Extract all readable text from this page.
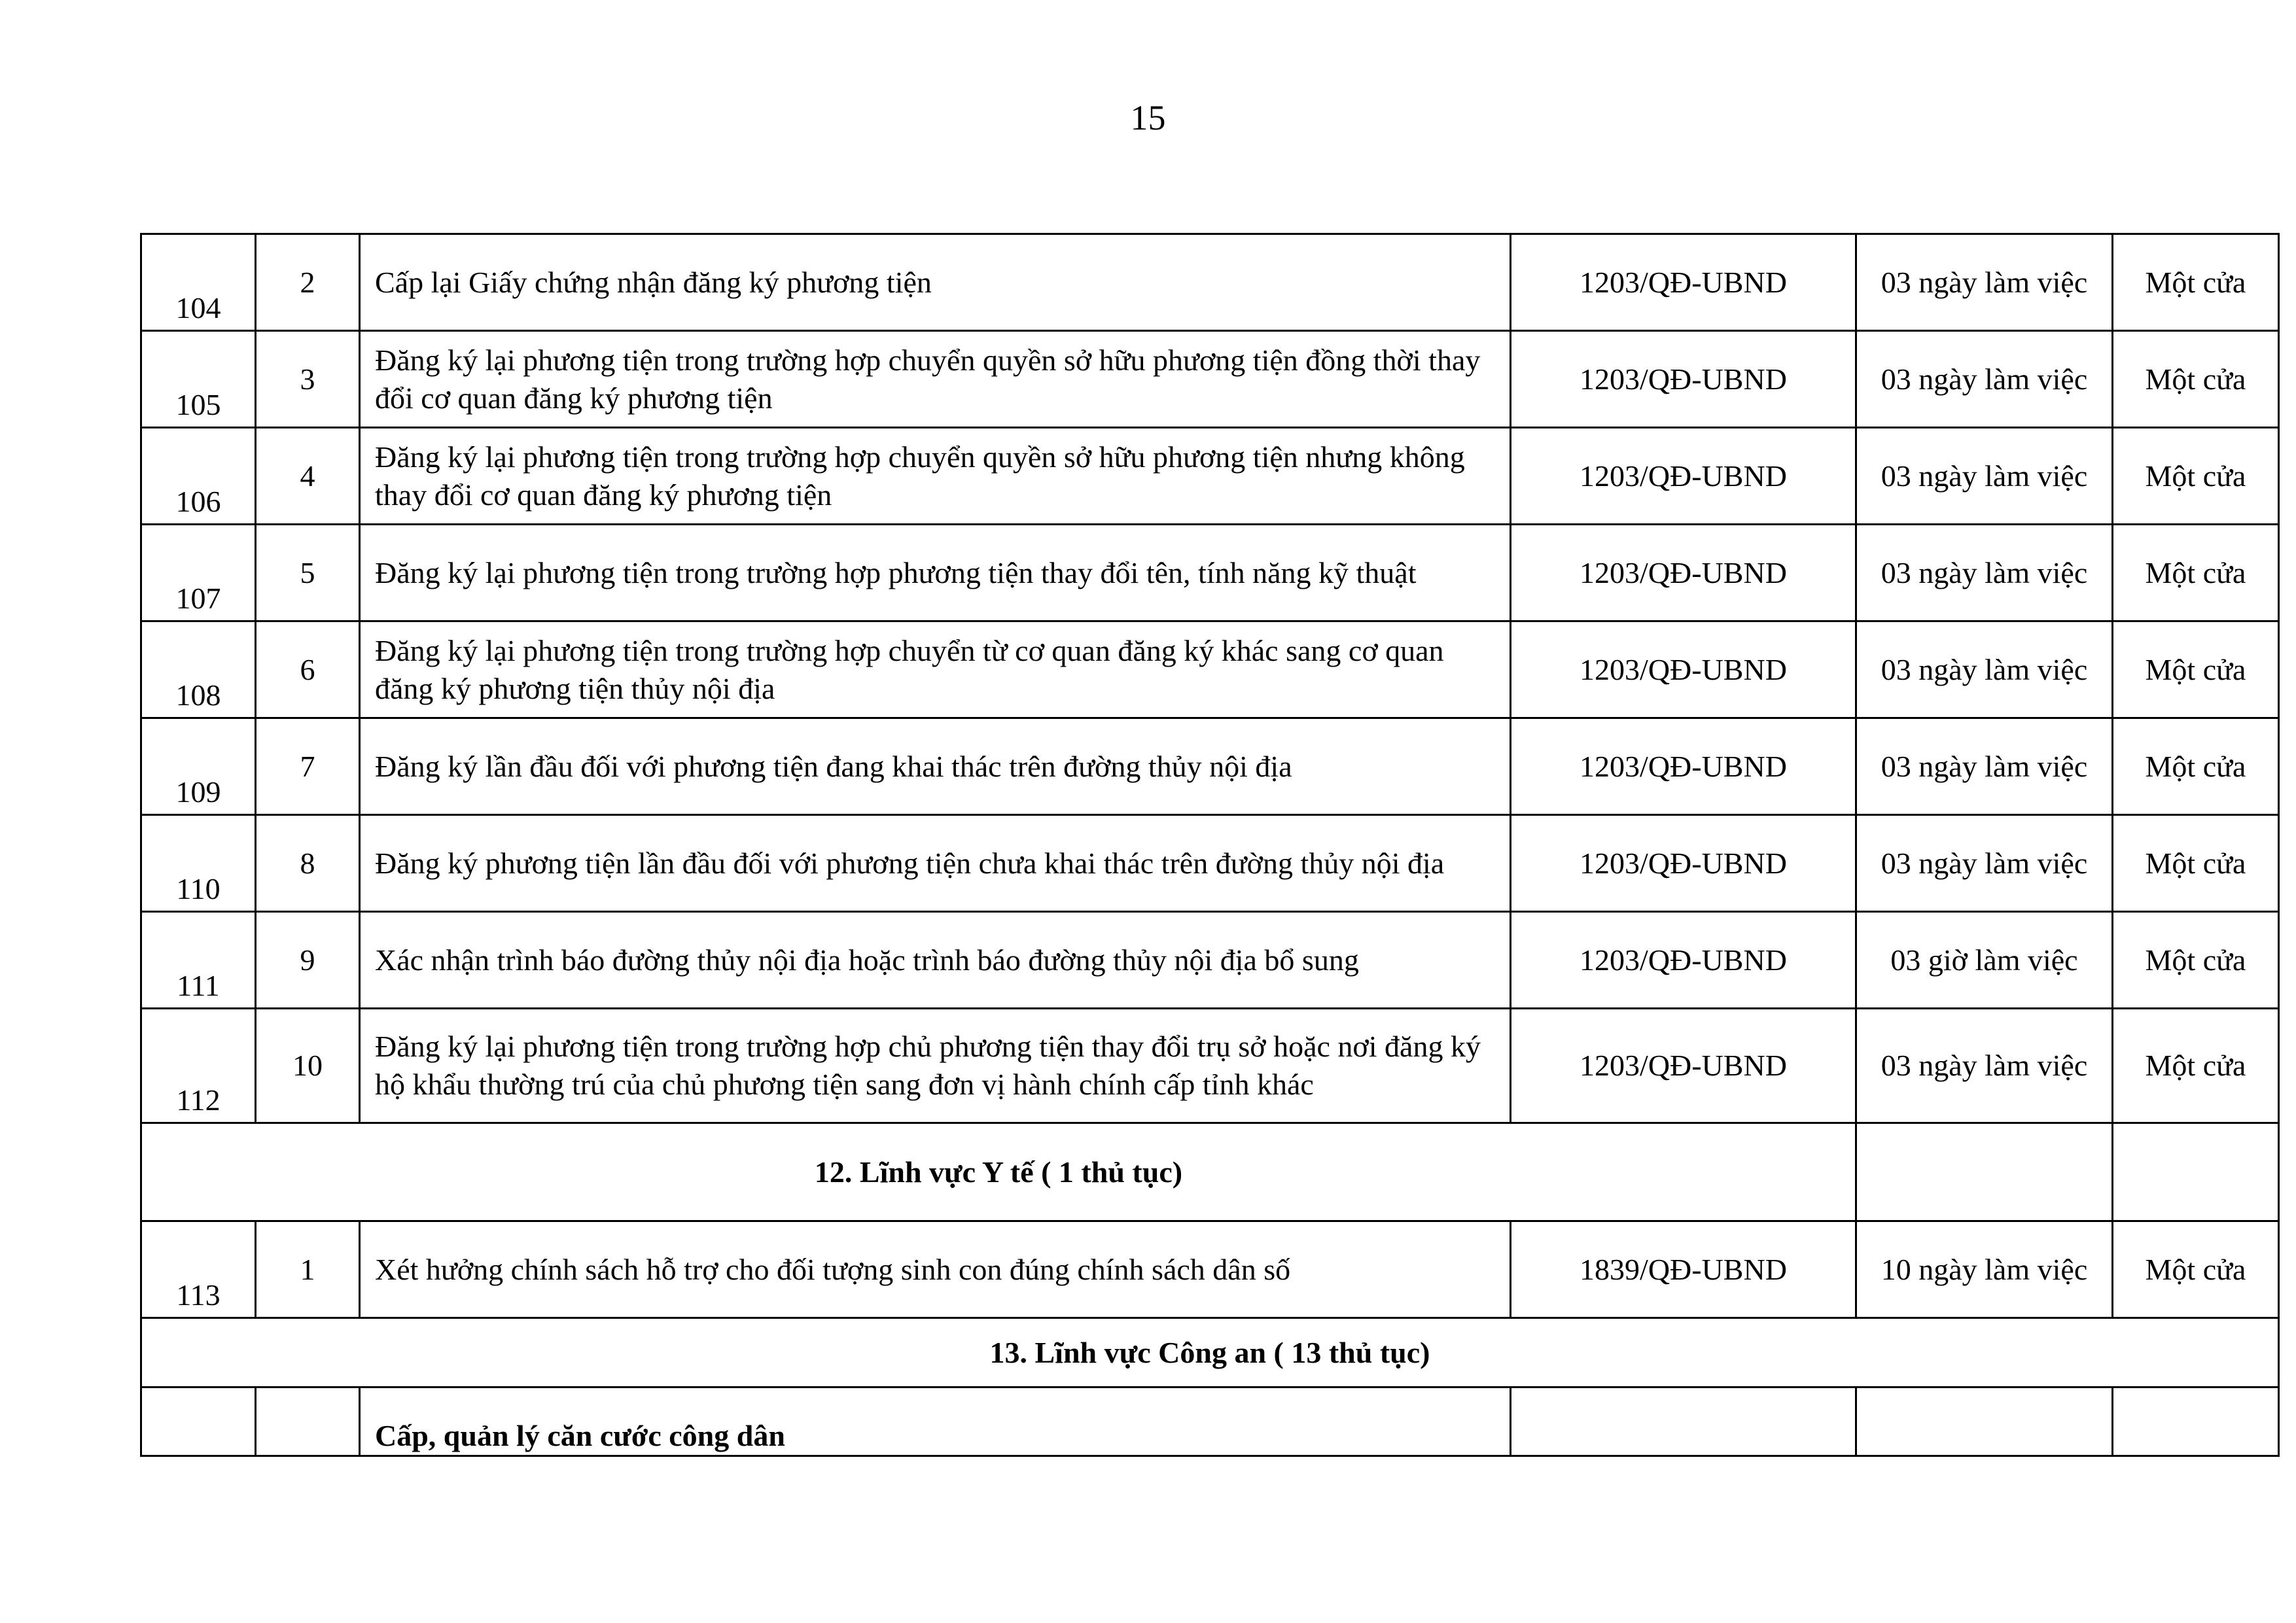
15
104	2	Cấp lại Giấy chứng nhận đăng ký phương tiện	1203/QĐ-UBND	03 ngày làm việc	Một cửa
105	3	Đăng ký lại phương tiện trong trường hợp chuyển quyền sở hữu phương tiện đồng thời thay đổi cơ quan đăng ký phương tiện	1203/QĐ-UBND	03 ngày làm việc	Một cửa
106	4	Đăng ký lại phương tiện trong trường hợp chuyển quyền sở hữu phương tiện nhưng không thay đổi cơ quan đăng ký phương tiện	1203/QĐ-UBND	03 ngày làm việc	Một cửa
107	5	Đăng ký lại phương tiện trong trường hợp phương tiện thay đổi tên, tính năng kỹ thuật	1203/QĐ-UBND	03 ngày làm việc	Một cửa
108	6	Đăng ký lại phương tiện trong trường hợp chuyển từ cơ quan đăng ký khác sang cơ quan đăng ký phương tiện thủy nội địa	1203/QĐ-UBND	03 ngày làm việc	Một cửa
109	7	Đăng ký lần đầu đối với phương tiện đang khai thác trên đường thủy nội địa	1203/QĐ-UBND	03 ngày làm việc	Một cửa
110	8	Đăng ký phương tiện lần đầu đối với phương tiện chưa khai thác trên đường thủy nội địa	1203/QĐ-UBND	03 ngày làm việc	Một cửa
111	9	Xác nhận trình báo đường thủy nội địa hoặc trình báo đường thủy nội địa bổ sung	1203/QĐ-UBND	03 giờ làm việc	Một cửa
112	10	Đăng ký lại phương tiện trong trường hợp chủ phương tiện thay đổi trụ sở hoặc nơi đăng ký hộ khẩu thường trú của chủ phương tiện sang đơn vị hành chính cấp tỉnh khác	1203/QĐ-UBND	03 ngày làm việc	Một cửa
12. Lĩnh vực Y tế ( 1 thủ tục)					
113	1	Xét hưởng chính sách hỗ trợ cho đối tượng sinh con đúng chính sách dân số	1839/QĐ-UBND	10 ngày làm việc	Một cửa
13. Lĩnh vực Công an ( 13 thủ tục)					
		Cấp, quản lý căn cước công dân			
